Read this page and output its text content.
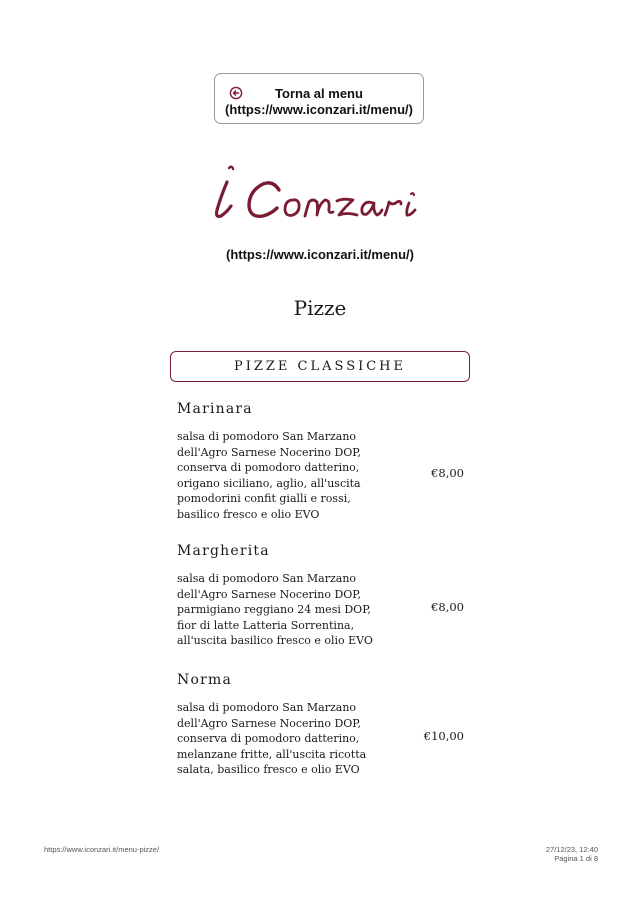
Torna al menu
(https://www.iconzari.it/menu/)
(https://www.iconzari.it/menu/)
Pizze
PIZZE CLASSICHE
Marinara
salsa di pomodoro San Marzano
dell'Agro Sarnese Nocerino DOP,
conserva di pomodoro datterino,
origano siciliano, aglio, all'uscita
pomodorini confit gialli e rossi,
basilico fresco e olio EVO
€8,00
Margherita
salsa di pomodoro San Marzano
dell'Agro Sarnese Nocerino DOP,
parmigiano reggiano 24 mesi DOP,
fior di latte Latteria Sorrentina,
all'uscita basilico fresco e olio EVO
€8,00
Norma
salsa di pomodoro San Marzano
dell'Agro Sarnese Nocerino DOP,
conserva di pomodoro datterino,
melanzane fritte, all'uscita ricotta
salata, basilico fresco e olio EVO
€10,00
https://www.iconzari.it/menu-pizze/	27/12/23, 12:40
Pagina 1 di 8
